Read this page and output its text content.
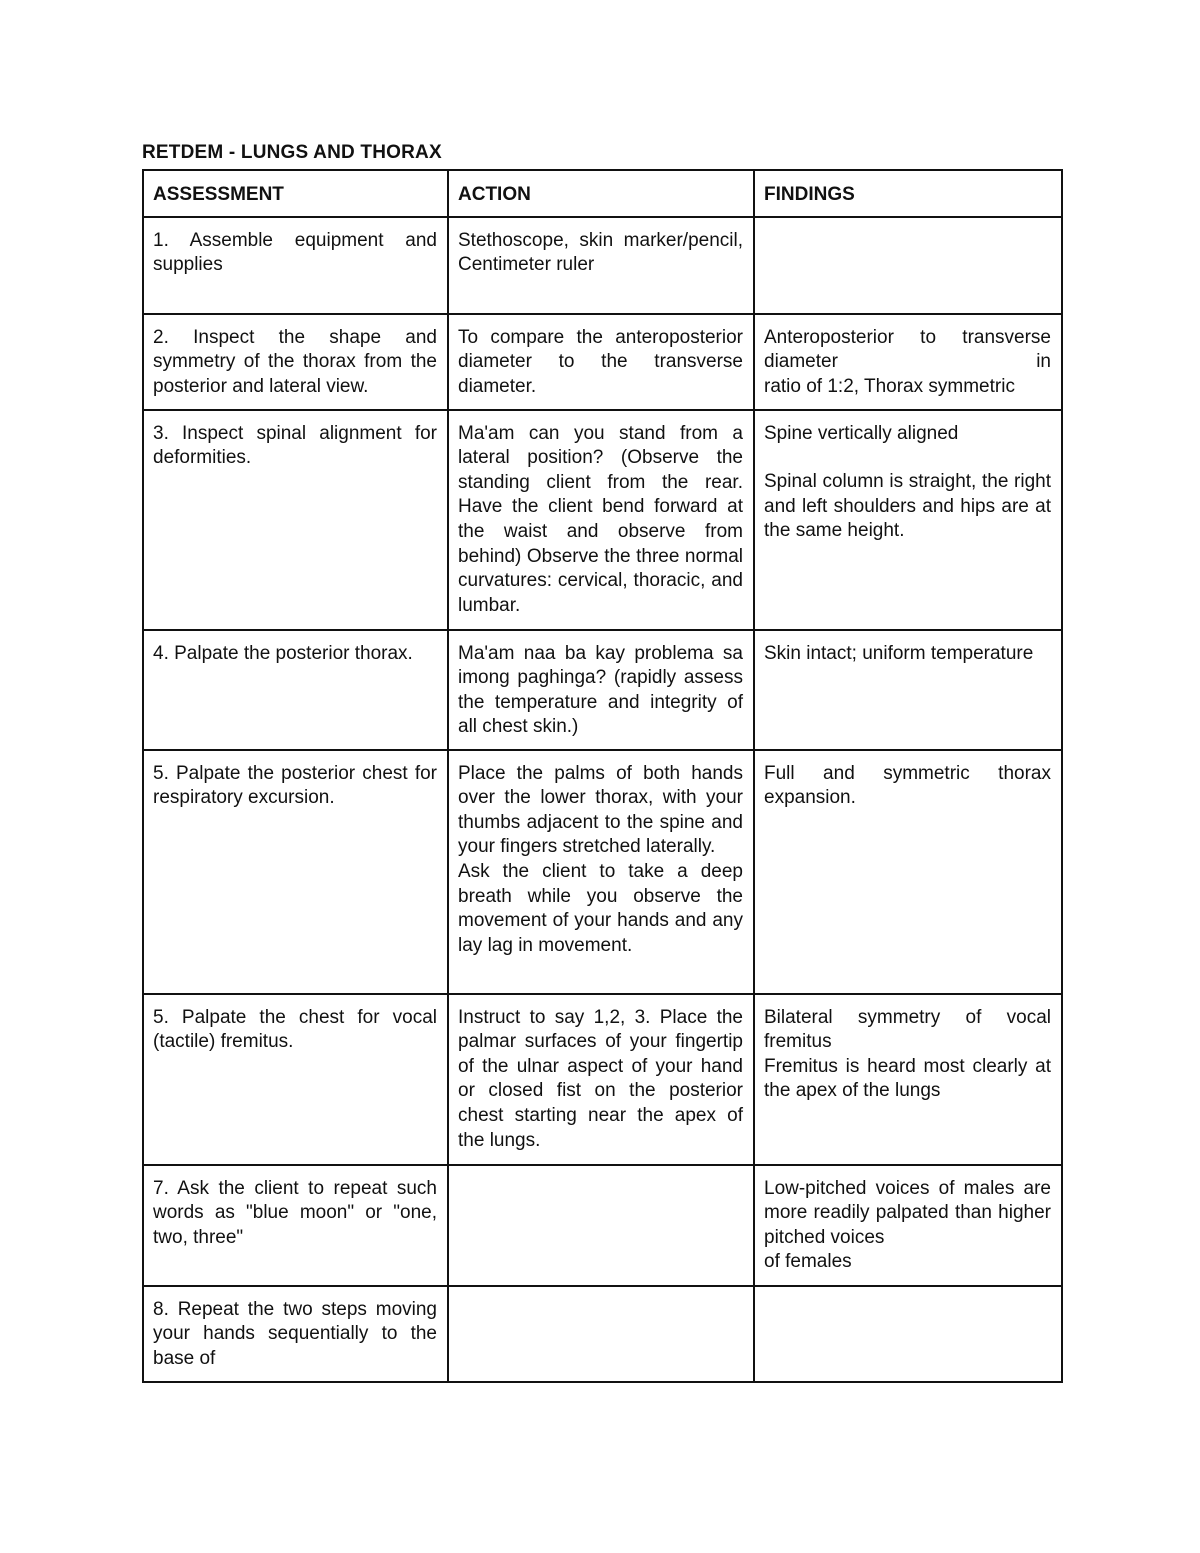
RETDEM - LUNGS AND THORAX
ASSESSMENT	ACTION	FINDINGS
1. Assemble equipment and supplies	Stethoscope, skin marker/pencil, Centimeter ruler	
2. Inspect the shape and symmetry of the thorax from the posterior and lateral view.	To compare the anteroposterior diameter to the transverse diameter.	Anteroposterior to transverse diameter in
ratio of 1:2, Thorax symmetric

3. Inspect spinal alignment for deformities.	Ma'am can you stand from a lateral position? (Observe the standing client from the rear. Have the client bend forward at the waist and observe from behind) Observe the three normal curvatures: cervical, thoracic, and lumbar.	Spine vertically aligned
Spinal column is straight, the right and left shoulders and hips are at the same height.

4. Palpate the posterior thorax.	Ma'am naa ba kay problema sa imong paghinga? (rapidly assess the temperature and integrity of all chest skin.)	Skin intact; uniform temperature
5. Palpate the posterior chest for respiratory excursion.	Place the palms of both hands over the lower thorax, with your thumbs adjacent to the spine and your fingers stretched laterally.
Ask the client to take a deep breath while you observe the movement of your hands and any lay lag in movement.	Full and symmetric thorax expansion.
5. Palpate the chest for vocal (tactile) fremitus.	Instruct to say 1,2, 3. Place the palmar surfaces of your fingertip of the ulnar aspect of your hand or closed fist on the posterior chest starting near the apex of the lungs.	Bilateral symmetry of vocal fremitus
Fremitus is heard most clearly at the apex of the lungs

7. Ask the client to repeat such words as "blue moon" or "one, two, three"		Low-pitched voices of males are more readily palpated than higher pitched voices
of females

8. Repeat the two steps moving your hands sequentially to the base of		
